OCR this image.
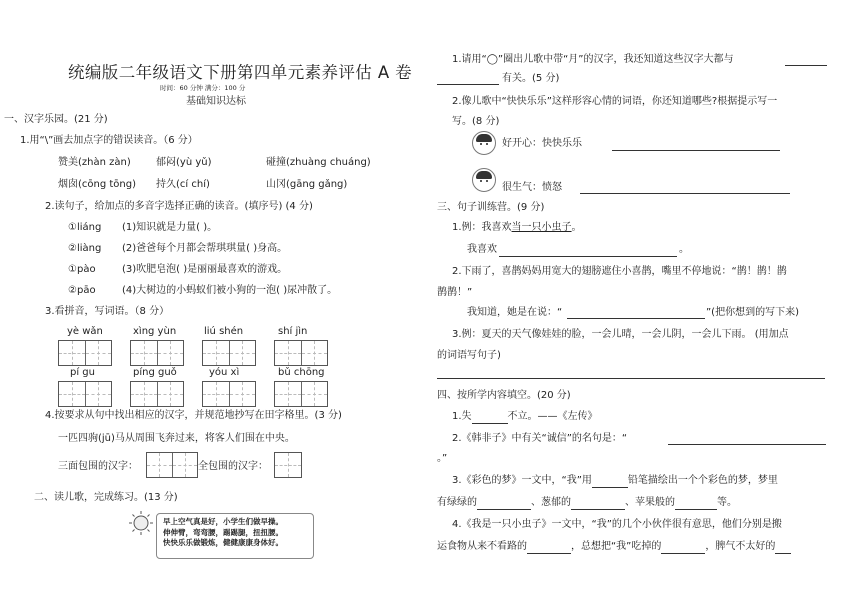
统编版二年级语文下册第四单元素养评估 A 卷
时间：60 分钟 满分：100 分
基础知识达标
一、汉字乐园。(21 分)
1.用“\”画去加点字的错误读音。（6 分）
赞美(zhàn zàn)	郁闷(yù yǔ)	碰撞(zhuàng chuáng)
烟囱(cōng tōng) 持久(cí chí)	山冈(gāng gǎng)
2.读句子，给加点的多音字选择正确的读音。(填序号) (4 分)
①liáng (1)知识就是力量( )。
②liàng (2)爸爸每个月都会帮琪琪量( )身高。
①pào	(3)吹肥皂泡( )是丽丽最喜欢的游戏。
②pāo	(4)大树边的小蚂蚁们被小狗的一泡( )尿冲散了。
3.看拼音，写词语。（8 分）
yè wǎn	xìng yùn	liú shén	shí jìn
pí gu	píng guǒ	yóu xì	bǔ chōng
4.按要求从句中找出相应的汉字，并规范地抄写在田字格里。(3 分)
一匹四驹(jū)马从周围飞奔过来，将客人们围在中央。
三面包围的汉字：	全包围的汉字：
二、读儿歌，完成练习。(13 分)
早上空气真是好，小学生们做早操。
伸伸臂，弯弯腰，踢踢腿，扭扭腰。
快快乐乐做锻炼，健健康康身体好。
1.请用“◯”圈出儿歌中带“月”的汉字，我还知道这些汉字大都与
有关。(5 分)
2.像儿歌中“快快乐乐”这样形容心情的词语，你还知道哪些?根据提示写一
写。(8 分)
好开心：快快乐乐
很生气：愤怒
三、句子训练营。(9 分)
1.例：我喜欢当一只小虫子。
我喜欢	。
2.下雨了，喜鹊妈妈用宽大的翅膀遮住小喜鹊，嘴里不停地说：“鹊！鹊！鹊
鹊鹊！”
我知道，她是在说：“	”(把你想到的写下来)
3.例：夏天的天气像娃娃的脸，一会儿晴，一会儿阴，一会儿下雨。 (用加点
的词语写句子)
四、按所学内容填空。(20 分)
1.失	不立。——《左传》
2.《韩非子》中有关“诚信”的名句是：“
。”
3.《彩色的梦》一文中，“我”用	铅笔描绘出一个个彩色的梦，梦里
有绿绿的	、葱郁的	、苹果般的	等。
4.《我是一只小虫子》一文中，“我”的几个小伙伴很有意思，他们分别是搬
运食物从来不看路的	，总想把“我”吃掉的	，脾气不太好的
